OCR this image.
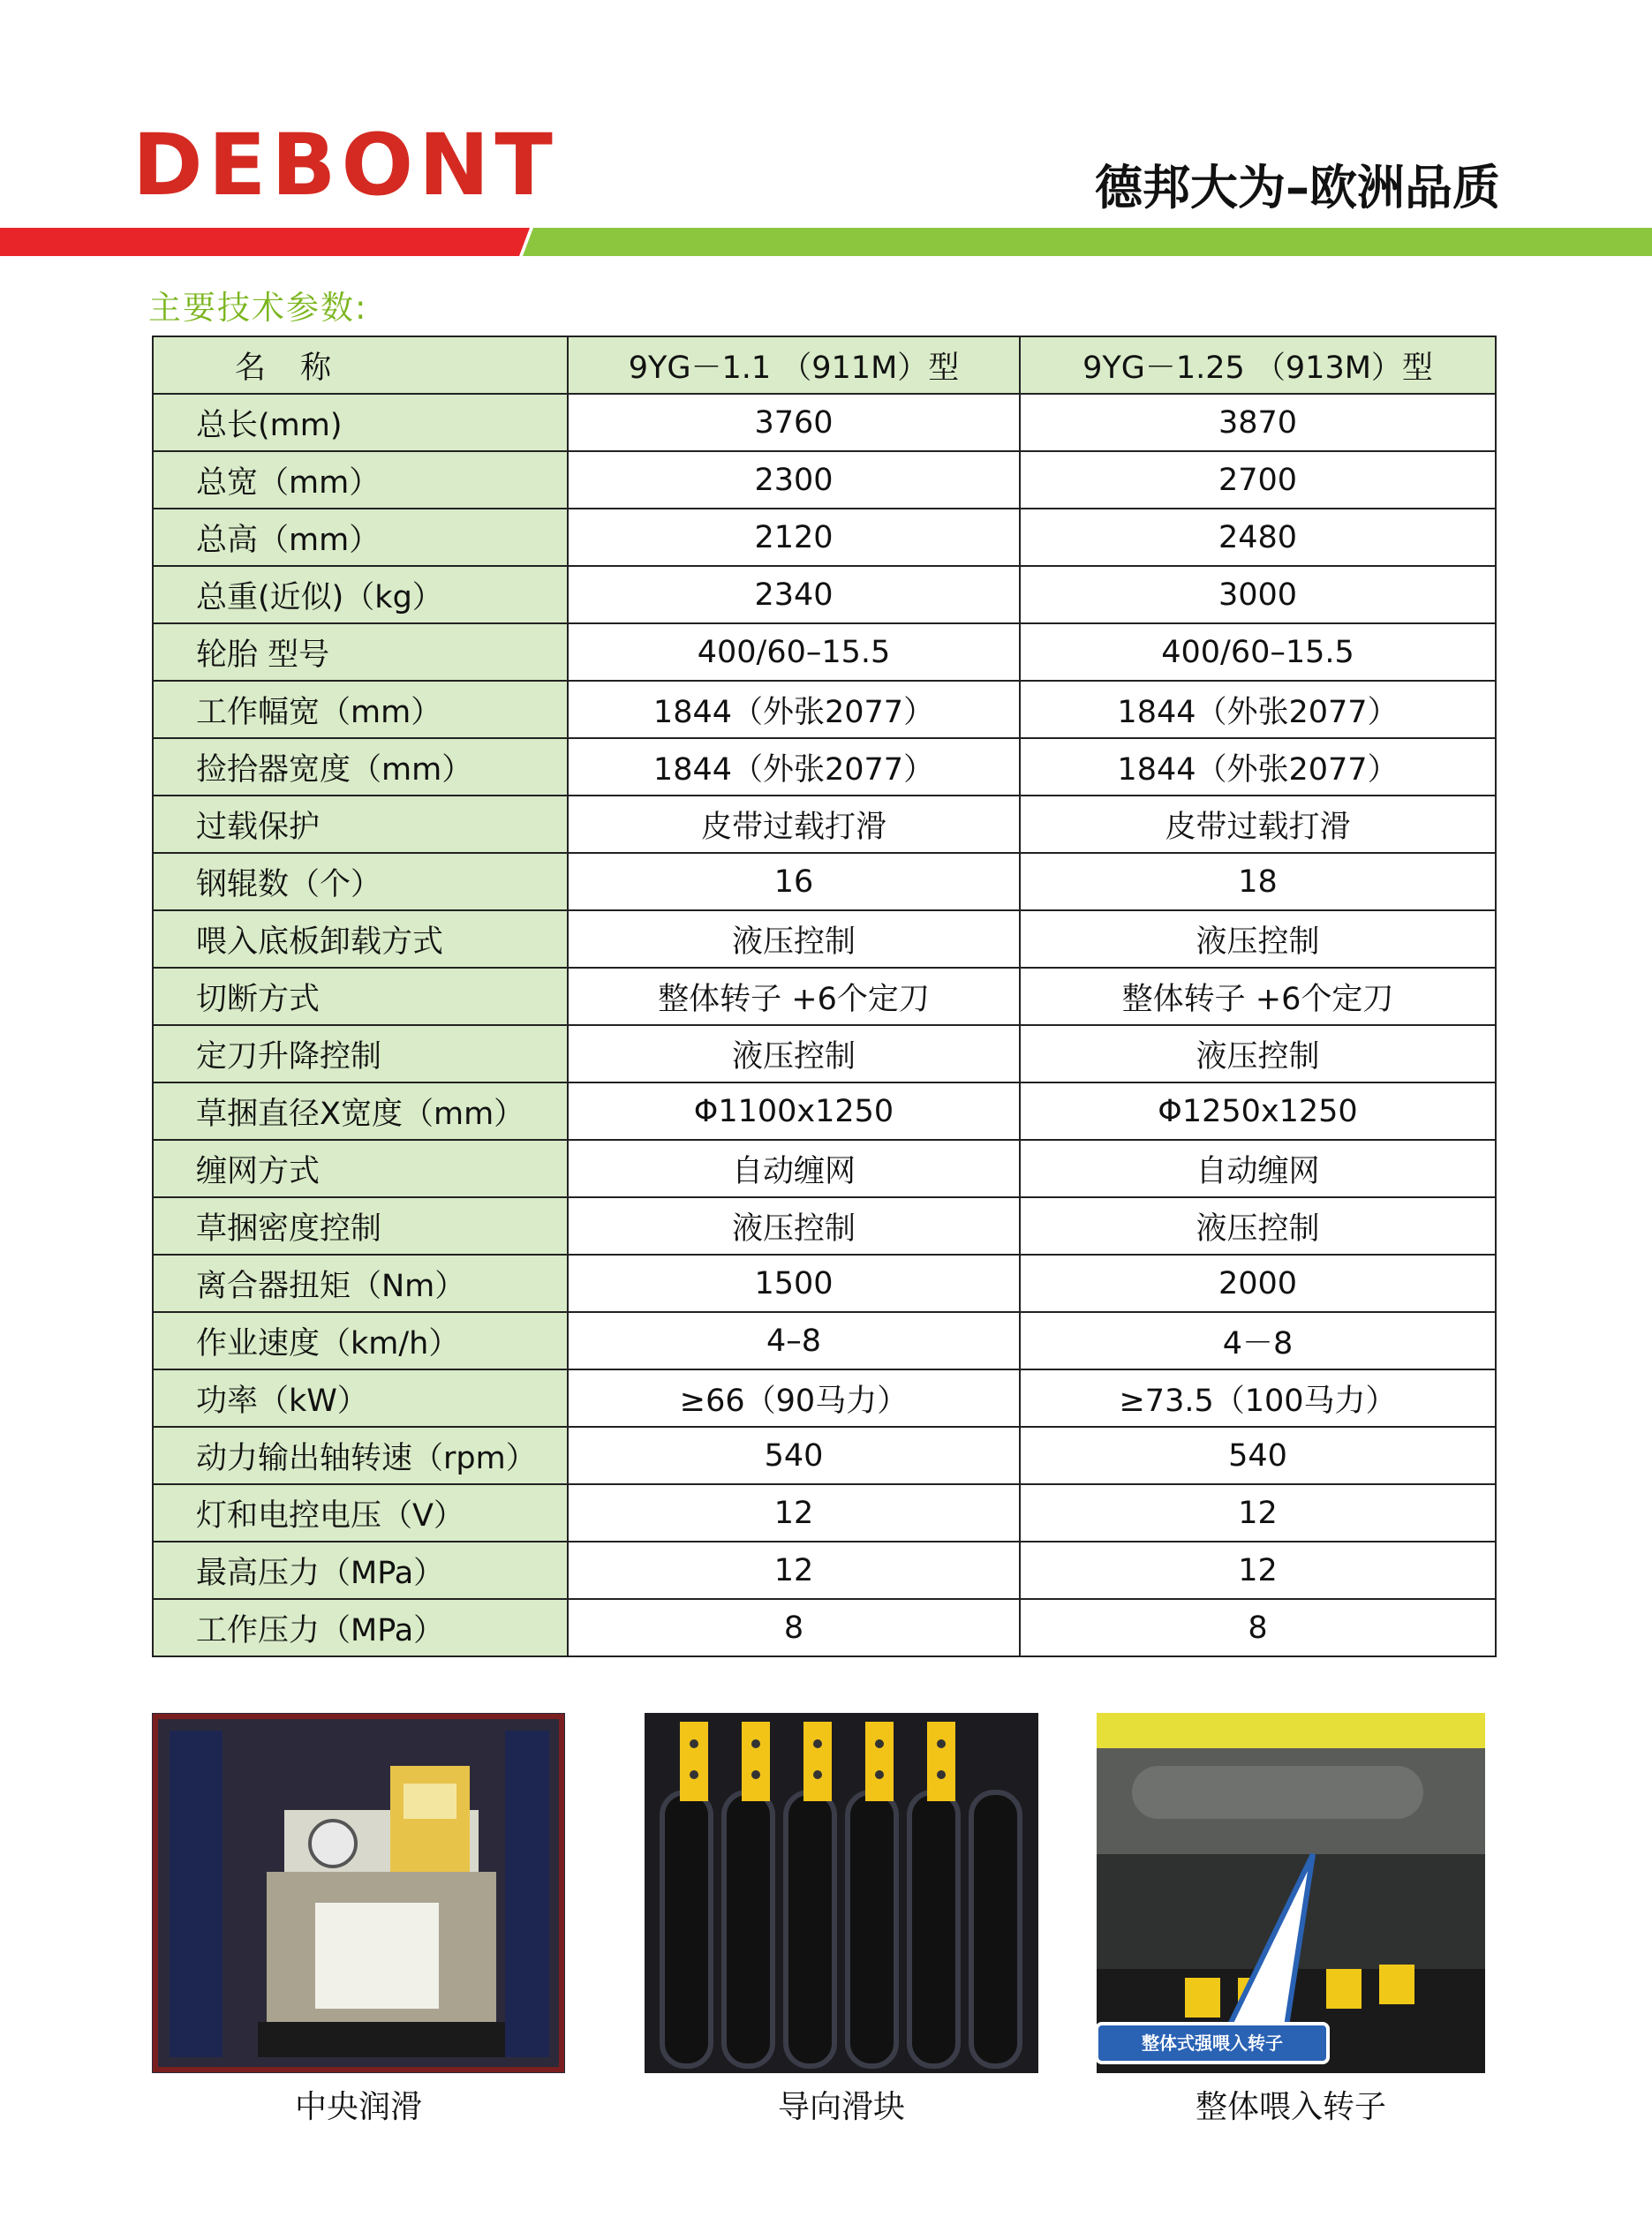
DEBONT	德邦大为–欧洲品质
主要技术参数:
名 称	9YG－1.1 （911M）型	9YG－1.25 （913M）型
总长(mm)	3760	3870
总宽（mm）	2300	2700
总高（mm）	2120	2480
总重(近似)（kg）	2340	3000
轮胎 型号	400/60–15.5	400/60–15.5
工作幅宽（mm）	1844（外张2077）	1844（外张2077）
捡拾器宽度（mm）	1844（外张2077）	1844（外张2077）
过载保护	皮带过载打滑	皮带过载打滑
钢辊数（个）	16	18
喂入底板卸载方式	液压控制	液压控制
切断方式	整体转子 +6个定刀	整体转子 +6个定刀
定刀升降控制	液压控制	液压控制
草捆直径X宽度（mm）	Φ1100x1250	Φ1250x1250
缠网方式	自动缠网	自动缠网
草捆密度控制	液压控制	液压控制
离合器扭矩（Nm）	1500	2000
作业速度（km/h）	4–8	4－8
功率（kW）	≥66（90马力）	≥73.5（100马力）
动力输出轴转速（rpm）	540	540
灯和电控电压（V）	12	12
最高压力（MPa）	12	12
工作压力（MPa）	8	8
中央润滑	导向滑块
整体式强喂入转子
整体喂入转子
